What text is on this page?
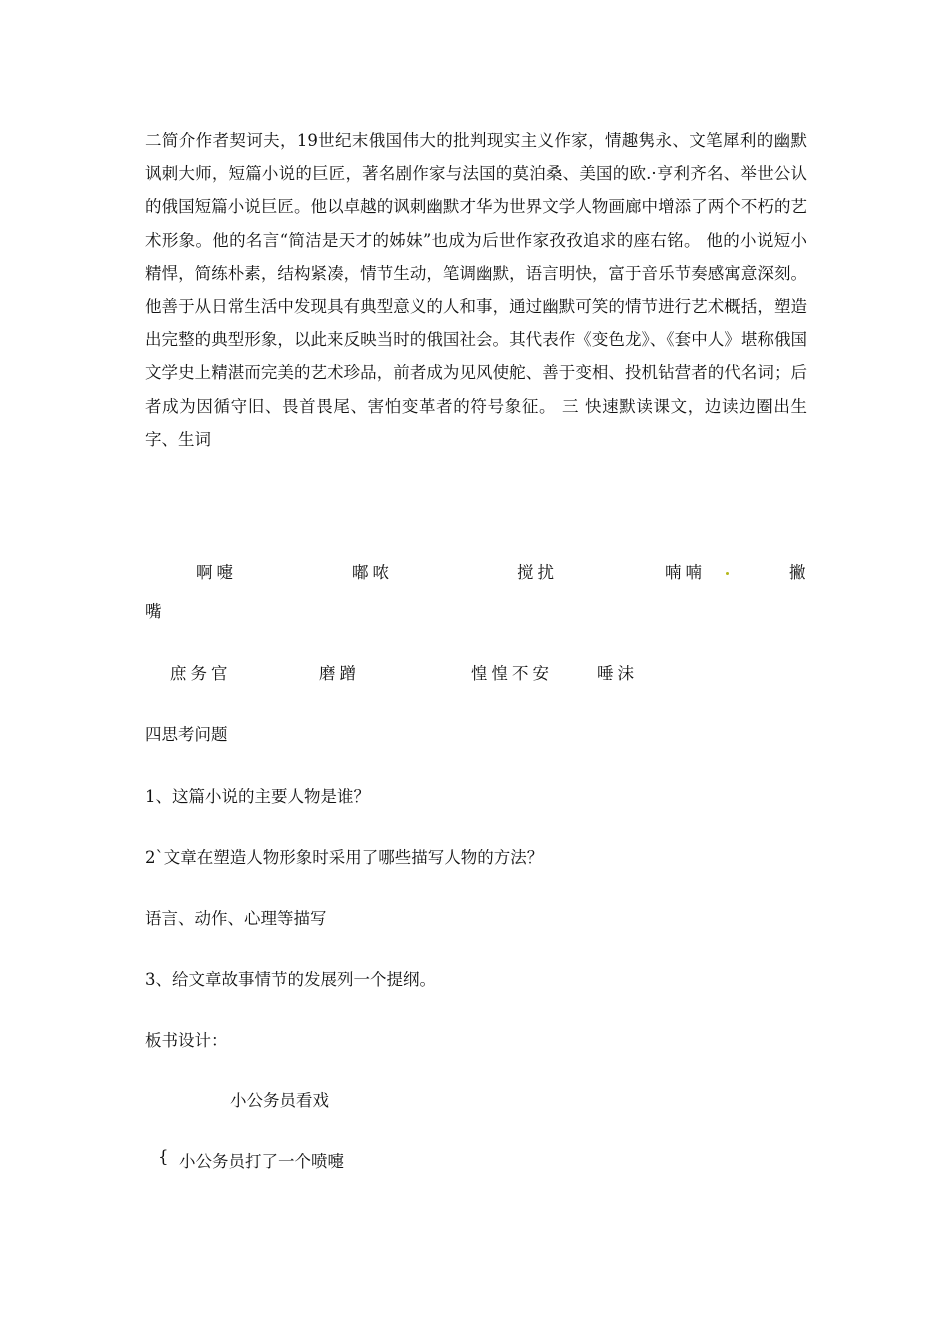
二简介作者契诃夫，19世纪末俄国伟大的批判现实主义作家，情趣隽永、文笔犀利的幽默讽刺大师，短篇小说的巨匠，著名剧作家与法国的莫泊桑、美国的欧.·亨利齐名、举世公认的俄国短篇小说巨匠。他以卓越的讽刺幽默才华为世界文学人物画廊中增添了两个不朽的艺术形象。他的名言“简洁是天才的姊妹”也成为后世作家孜孜追求的座右铭。 他的小说短小精悍，简练朴素，结构紧凑，情节生动，笔调幽默，语言明快，富于音乐节奏感寓意深刻。他善于从日常生活中发现具有典型意义的人和事，通过幽默可笑的情节进行艺术概括，塑造出完整的典型形象，以此来反映当时的俄国社会。其代表作《变色龙》、《套中人》堪称俄国文学史上精湛而完美的艺术珍品，前者成为见风使舵、善于变相、投机钻营者的代名词；后者成为因循守旧、畏首畏尾、害怕变革者的符号象征。 三 快速默读课文，边读边圈出生字、生词

啊嚏	嘟哝	搅扰	喃喃	撇
嘴
庶务官	磨蹭	惶惶不安	唾沫
四思考问题
1、这篇小说的主要人物是谁？
2`文章在塑造人物形象时采用了哪些描写人物的方法？
语言、动作、心理等描写
3、给文章故事情节的发展列一个提纲。
板书设计：
小公务员看戏
{ 小公务员打了一个喷嚏
